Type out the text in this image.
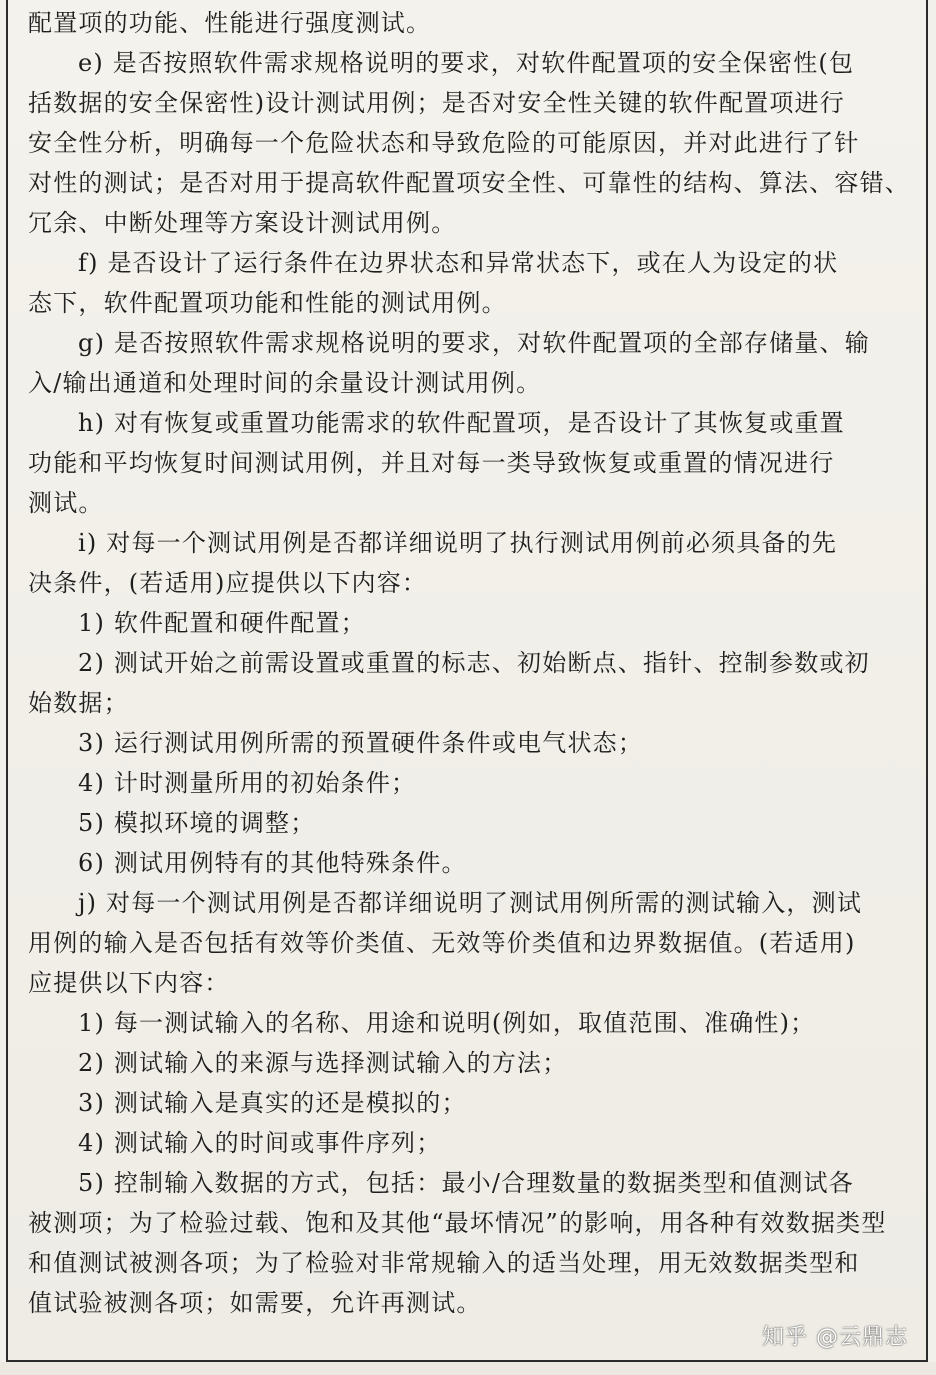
配置项的功能、性能进行强度测试。
e) 是否按照软件需求规格说明的要求，对软件配置项的安全保密性(包
括数据的安全保密性)设计测试用例；是否对安全性关键的软件配置项进行
安全性分析，明确每一个危险状态和导致危险的可能原因，并对此进行了针
对性的测试；是否对用于提高软件配置项安全性、可靠性的结构、算法、容错、
冗余、中断处理等方案设计测试用例。
f) 是否设计了运行条件在边界状态和异常状态下，或在人为设定的状
态下，软件配置项功能和性能的测试用例。
g) 是否按照软件需求规格说明的要求，对软件配置项的全部存储量、输
入/输出通道和处理时间的余量设计测试用例。
h) 对有恢复或重置功能需求的软件配置项，是否设计了其恢复或重置
功能和平均恢复时间测试用例，并且对每一类导致恢复或重置的情况进行
测试。
i) 对每一个测试用例是否都详细说明了执行测试用例前必须具备的先
决条件，(若适用)应提供以下内容：
1) 软件配置和硬件配置；
2) 测试开始之前需设置或重置的标志、初始断点、指针、控制参数或初
始数据；
3) 运行测试用例所需的预置硬件条件或电气状态；
4) 计时测量所用的初始条件；
5) 模拟环境的调整；
6) 测试用例特有的其他特殊条件。
j) 对每一个测试用例是否都详细说明了测试用例所需的测试输入，测试
用例的输入是否包括有效等价类值、无效等价类值和边界数据值。(若适用)
应提供以下内容：
1) 每一测试输入的名称、用途和说明(例如，取值范围、准确性)；
2) 测试输入的来源与选择测试输入的方法；
3) 测试输入是真实的还是模拟的；
4) 测试输入的时间或事件序列；
5) 控制输入数据的方式，包括：最小/合理数量的数据类型和值测试各
被测项；为了检验过载、饱和及其他“最坏情况”的影响，用各种有效数据类型
和值测试被测各项；为了检验对非常规输入的适当处理，用无效数据类型和
值试验被测各项；如需要，允许再测试。
知乎 @云鼎志
